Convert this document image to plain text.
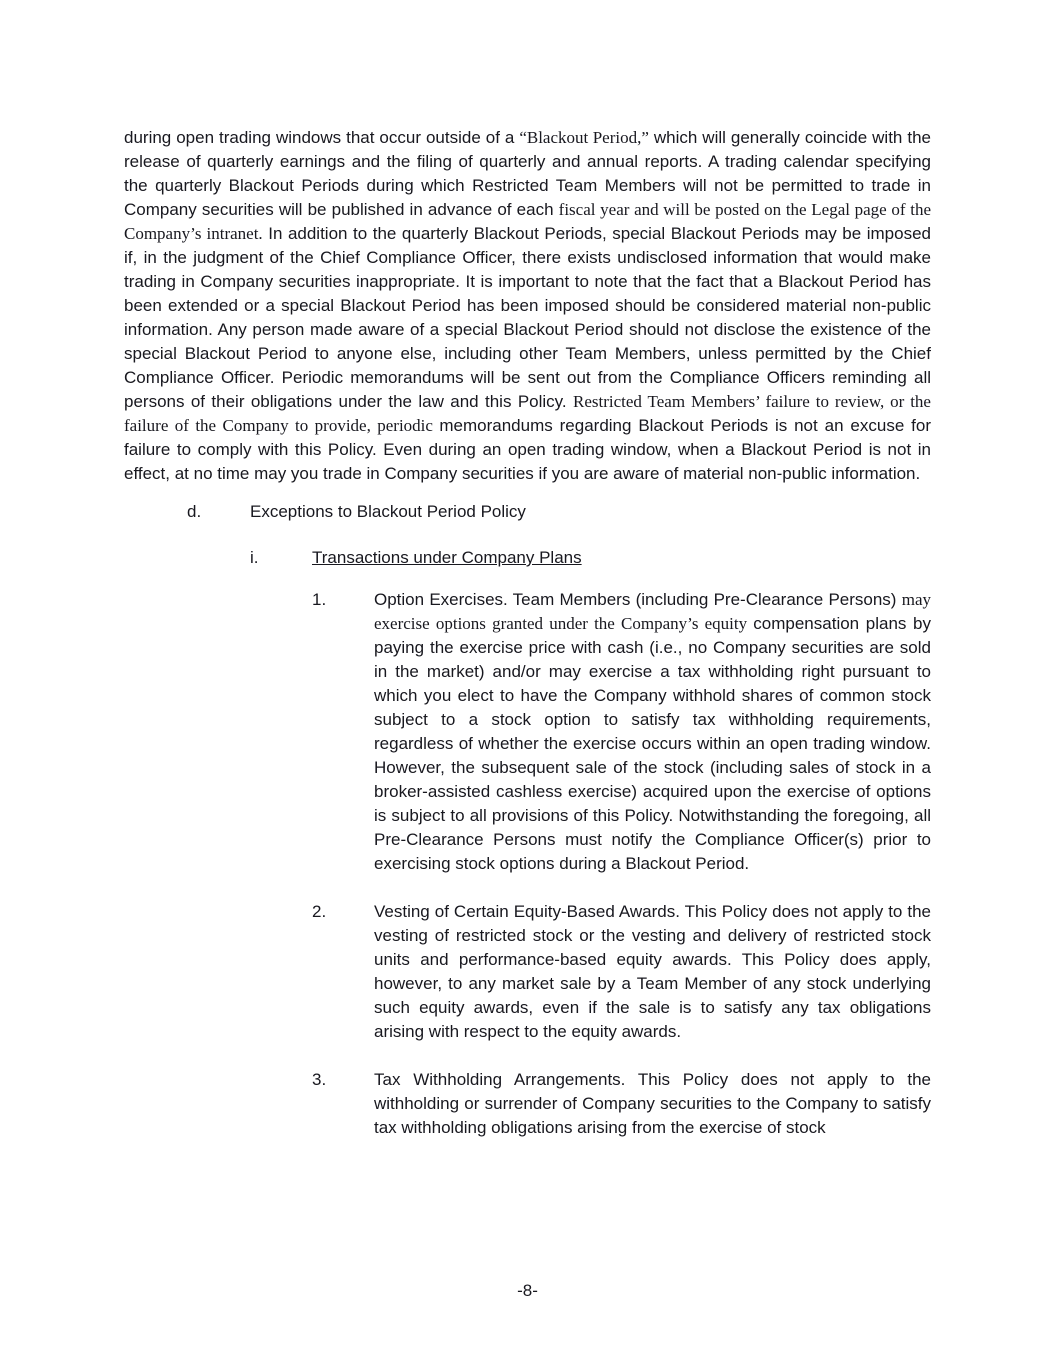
during open trading windows that occur outside of a “Blackout Period,” which will generally coincide with the release of quarterly earnings and the filing of quarterly and annual reports. A trading calendar specifying the quarterly Blackout Periods during which Restricted Team Members will not be permitted to trade in Company securities will be published in advance of each fiscal year and will be posted on the Legal page of the Company’s intranet. In addition to the quarterly Blackout Periods, special Blackout Periods may be imposed if, in the judgment of the Chief Compliance Officer, there exists undisclosed information that would make trading in Company securities inappropriate. It is important to note that the fact that a Blackout Period has been extended or a special Blackout Period has been imposed should be considered material non-public information. Any person made aware of a special Blackout Period should not disclose the existence of the special Blackout Period to anyone else, including other Team Members, unless permitted by the Chief Compliance Officer. Periodic memorandums will be sent out from the Compliance Officers reminding all persons of their obligations under the law and this Policy. Restricted Team Members’ failure to review, or the failure of the Company to provide, periodic memorandums regarding Blackout Periods is not an excuse for failure to comply with this Policy. Even during an open trading window, when a Blackout Period is not in effect, at no time may you trade in Company securities if you are aware of material non-public information.

d.	Exceptions to Blackout Period Policy
i.	Transactions under Company Plans
1.	Option Exercises. Team Members (including Pre-Clearance Persons) may exercise options granted under the Company’s equity compensation plans by paying the exercise price with cash (i.e., no Company securities are sold in the market) and/or may exercise a tax withholding right pursuant to which you elect to have the Company withhold shares of common stock subject to a stock option to satisfy tax withholding requirements, regardless of whether the exercise occurs within an open trading window. However, the subsequent sale of the stock (including sales of stock in a broker-assisted cashless exercise) acquired upon the exercise of options is subject to all provisions of this Policy. Notwithstanding the foregoing, all Pre-Clearance Persons must notify the Compliance Officer(s) prior to exercising stock options during a Blackout Period.
2.	Vesting of Certain Equity-Based Awards. This Policy does not apply to the vesting of restricted stock or the vesting and delivery of restricted stock units and performance-based equity awards. This Policy does apply, however, to any market sale by a Team Member of any stock underlying such equity awards, even if the sale is to satisfy any tax obligations arising with respect to the equity awards.
3.	Tax Withholding Arrangements. This Policy does not apply to the withholding or surrender of Company securities to the Company to satisfy tax withholding obligations arising from the exercise of stock
-8-
